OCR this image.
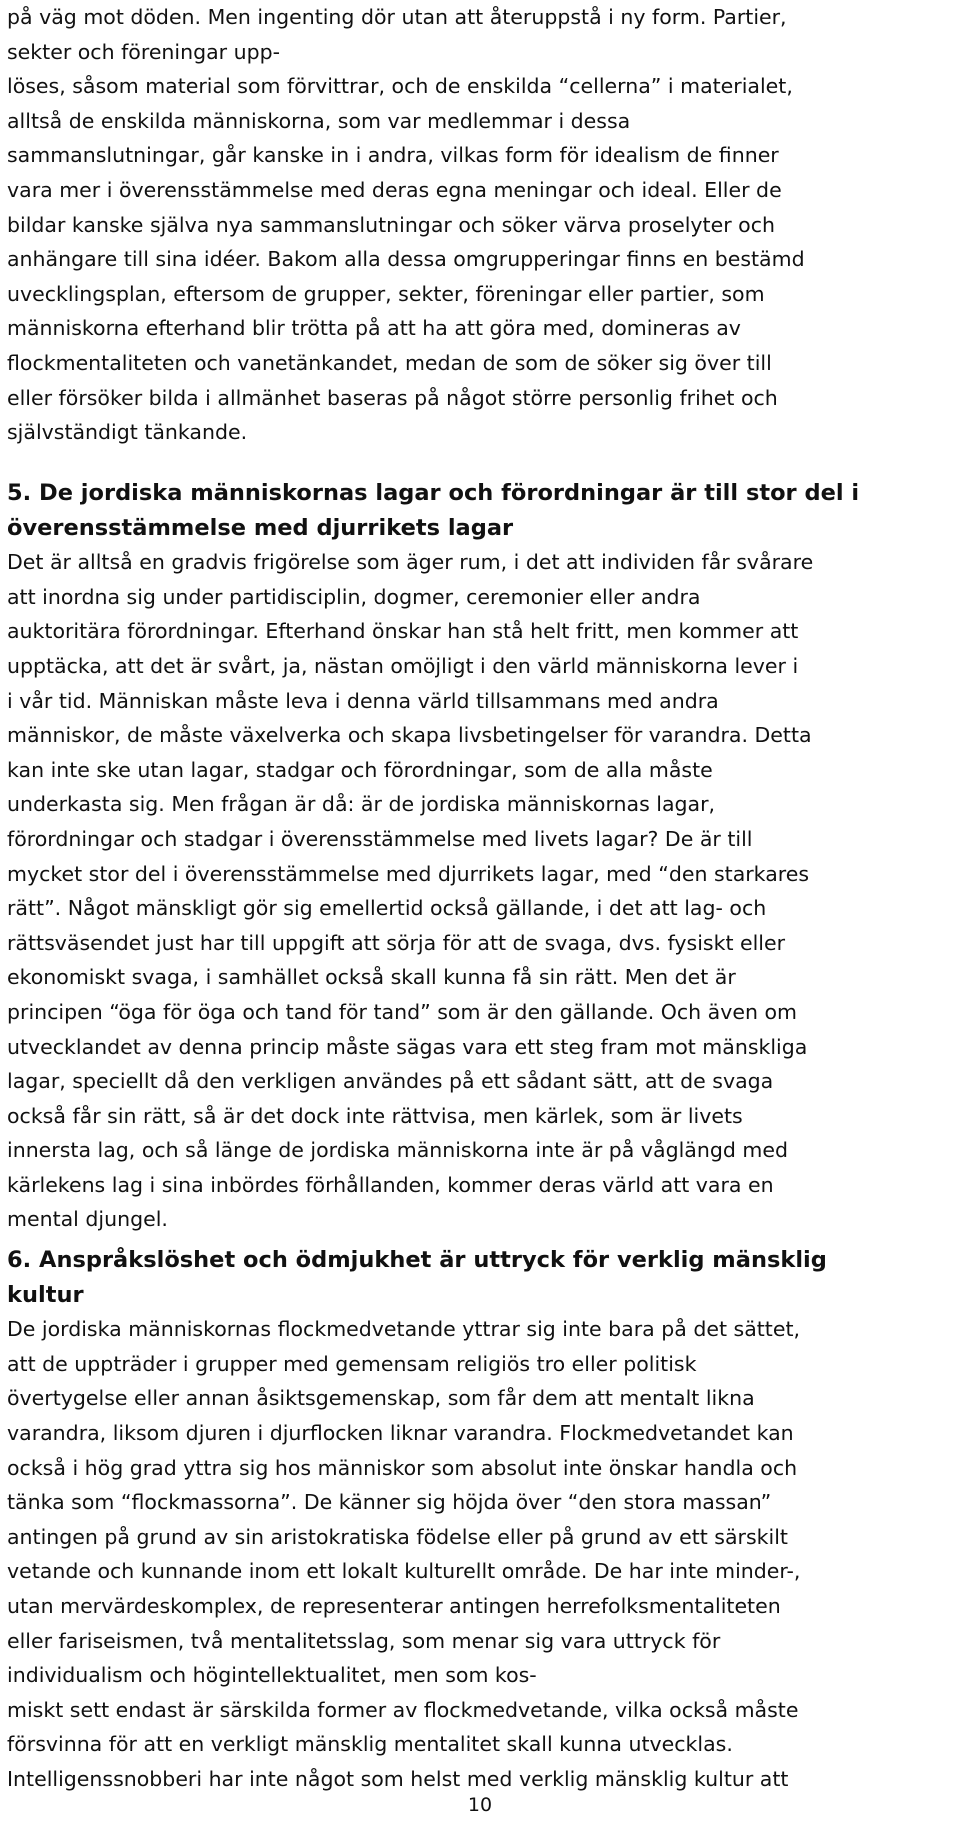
på väg mot döden. Men ingenting dör utan att återuppstå i ny form. Partier,
sekter och föreningar upp-
löses, såsom material som förvittrar, och de enskilda “cellerna” i materialet,
alltså de enskilda människorna, som var medlemmar i dessa
sammanslutningar, går kanske in i andra, vilkas form för idealism de finner
vara mer i överensstämmelse med deras egna meningar och ideal. Eller de
bildar kanske själva nya sammanslutningar och söker värva proselyter och
anhängare till sina idéer. Bakom alla dessa omgrupperingar finns en bestämd
uvecklingsplan, eftersom de grupper, sekter, föreningar eller partier, som
människorna efterhand blir trötta på att ha att göra med, domineras av
flockmentaliteten och vanetänkandet, medan de som de söker sig över till
eller försöker bilda i allmänhet baseras på något större personlig frihet och
självständigt tänkande.
5. De jordiska människornas lagar och förordningar är till stor del i
överensstämmelse med djurrikets lagar
Det är alltså en gradvis frigörelse som äger rum, i det att individen får svårare
att inordna sig under partidisciplin, dogmer, ceremonier eller andra
auktoritära förordningar. Efterhand önskar han stå helt fritt, men kommer att
upptäcka, att det är svårt, ja, nästan omöjligt i den värld människorna lever i
i vår tid. Människan måste leva i denna värld tillsammans med andra
människor, de måste växelverka och skapa livsbetingelser för varandra. Detta
kan inte ske utan lagar, stadgar och förordningar, som de alla måste
underkasta sig. Men frågan är då: är de jordiska människornas lagar,
förordningar och stadgar i överensstämmelse med livets lagar? De är till
mycket stor del i överensstämmelse med djurrikets lagar, med “den starkares
rätt”. Något mänskligt gör sig emellertid också gällande, i det att lag- och
rättsväsendet just har till uppgift att sörja för att de svaga, dvs. fysiskt eller
ekonomiskt svaga, i samhället också skall kunna få sin rätt. Men det är
principen “öga för öga och tand för tand” som är den gällande. Och även om
utvecklandet av denna princip måste sägas vara ett steg fram mot mänskliga
lagar, speciellt då den verkligen användes på ett sådant sätt, att de svaga
också får sin rätt, så är det dock inte rättvisa, men kärlek, som är livets
innersta lag, och så länge de jordiska människorna inte är på våglängd med
kärlekens lag i sina inbördes förhållanden, kommer deras värld att vara en
mental djungel.
6. Anspråkslöshet och ödmjukhet är uttryck för verklig mänsklig
kultur
De jordiska människornas flockmedvetande yttrar sig inte bara på det sättet,
att de uppträder i grupper med gemensam religiös tro eller politisk
övertygelse eller annan åsiktsgemenskap, som får dem att mentalt likna
varandra, liksom djuren i djurflocken liknar varandra. Flockmedvetandet kan
också i hög grad yttra sig hos människor som absolut inte önskar handla och
tänka som “flockmassorna”. De känner sig höjda över “den stora massan”
antingen på grund av sin aristokratiska födelse eller på grund av ett särskilt
vetande och kunnande inom ett lokalt kulturellt område. De har inte minder-,
utan mervärdeskomplex, de representerar antingen herrefolksmentaliteten
eller fariseismen, två mentalitetsslag, som menar sig vara uttryck för
individualism och högintellektualitet, men som kos-
miskt sett endast är särskilda former av flockmedvetande, vilka också måste
försvinna för att en verkligt mänsklig mentalitet skall kunna utvecklas.
Intelligenssnobberi har inte något som helst med verklig mänsklig kultur att
10
